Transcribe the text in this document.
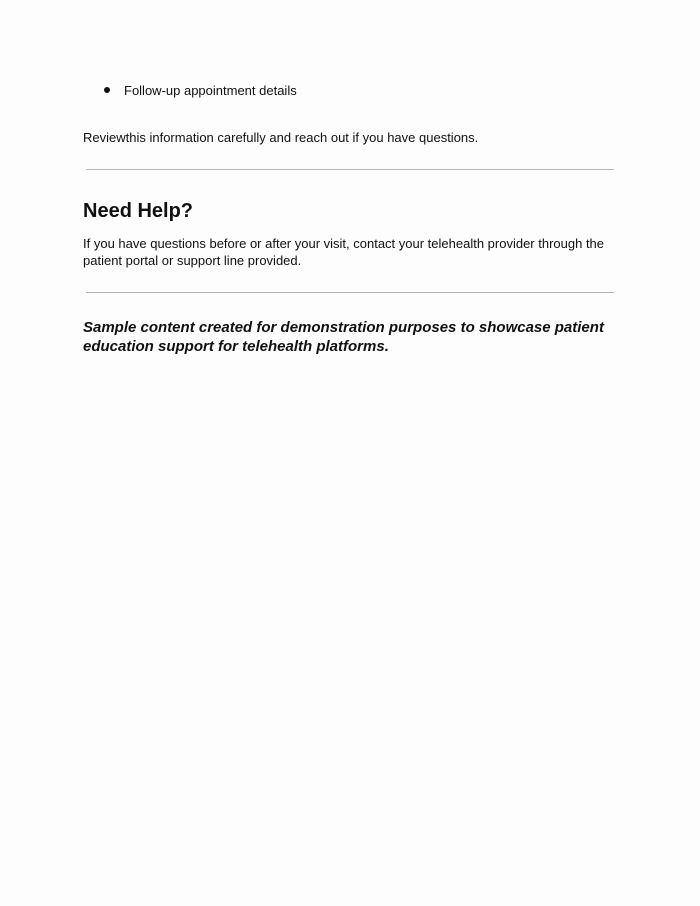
Follow-up appointment details

Reviewthis information carefully and reach out if you have questions.

Need Help?

If you have questions before or after your visit, contact your telehealth provider through the patient portal or support line provided.

Sample content created for demonstration purposes to showcase patient education support for telehealth platforms.
